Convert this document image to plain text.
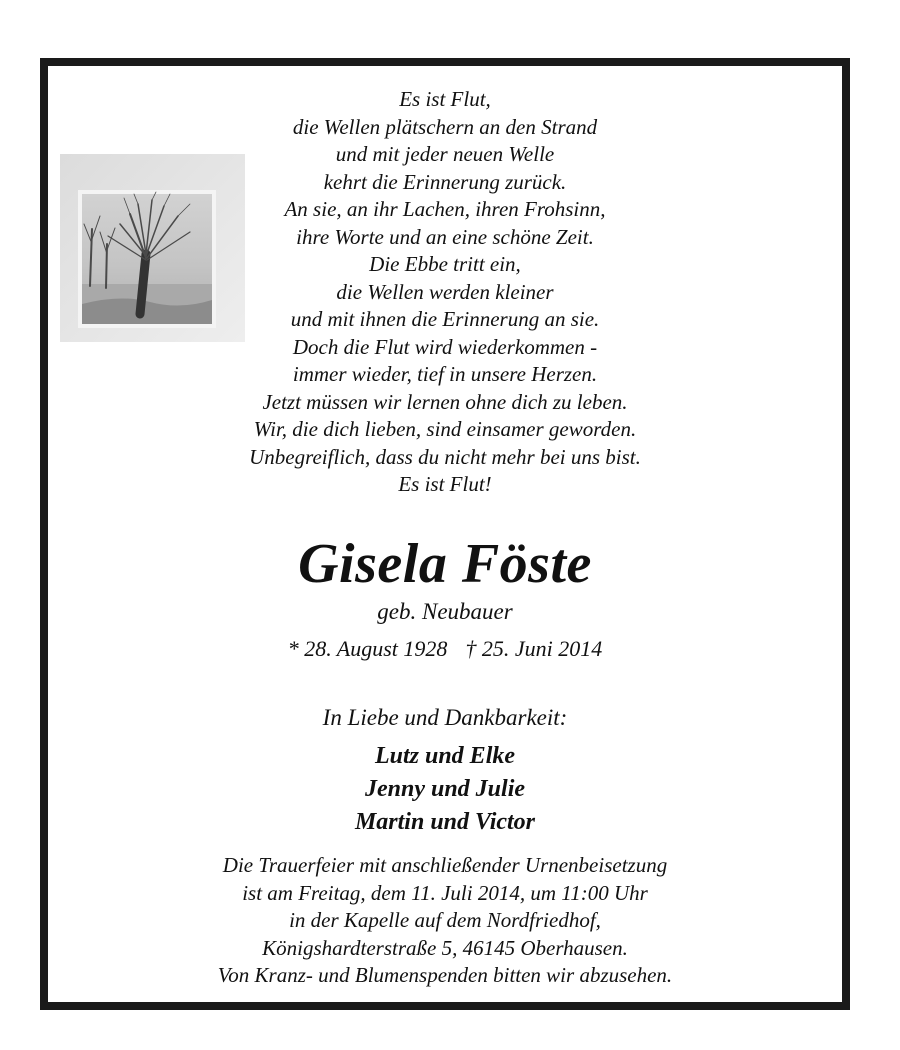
Es ist Flut,
die Wellen plätschern an den Strand
und mit jeder neuen Welle
kehrt die Erinnerung zurück.
An sie, an ihr Lachen, ihren Frohsinn,
ihre Worte und an eine schöne Zeit.
Die Ebbe tritt ein,
die Wellen werden kleiner
und mit ihnen die Erinnerung an sie.
Doch die Flut wird wiederkommen -
immer wieder, tief in unsere Herzen.
Jetzt müssen wir lernen ohne dich zu leben.
Wir, die dich lieben, sind einsamer geworden.
Unbegreiflich, dass du nicht mehr bei uns bist.
Es ist Flut!
Gisela Föste
geb. Neubauer
* 28. August 1928 † 25. Juni 2014
In Liebe und Dankbarkeit:
Lutz und Elke
Jenny und Julie
Martin und Victor
Die Trauerfeier mit anschließender Urnenbeisetzung
ist am Freitag, dem 11. Juli 2014, um 11:00 Uhr
in der Kapelle auf dem Nordfriedhof,
Königshardterstraße 5, 46145 Oberhausen.
Von Kranz- und Blumenspenden bitten wir abzusehen.
